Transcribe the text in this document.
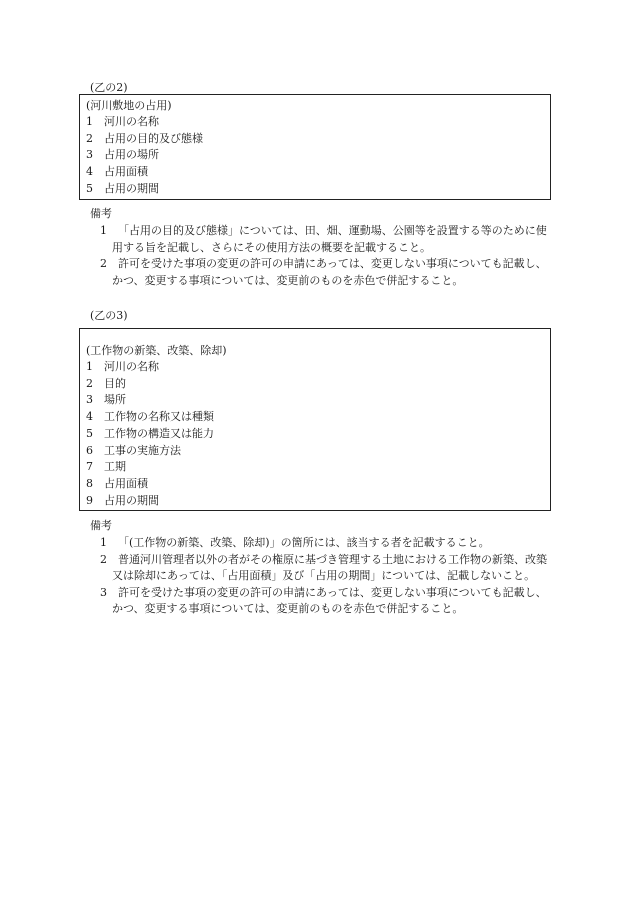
(乙の2)
(河川敷地の占用)
1 河川の名称
2 占用の目的及び態様
3 占用の場所
4 占用面積
5 占用の期間
備考
1	「占用の目的及び態様」については、田、畑、運動場、公園等を設置する等のために使用する旨を記載し、さらにその使用方法の概要を記載すること。
2	許可を受けた事項の変更の許可の申請にあっては、変更しない事項についても記載し、かつ、変更する事項については、変更前のものを赤色で併記すること。
(乙の3)
(工作物の新築、改築、除却)
1 河川の名称
2 目的
3 場所
4 工作物の名称又は種類
5 工作物の構造又は能力
6 工事の実施方法
7 工期
8 占用面積
9 占用の期間
備考
1	「(工作物の新築、改築、除却)」の箇所には、該当する者を記載すること。
2	普通河川管理者以外の者がその権原に基づき管理する土地における工作物の新築、改築又は除却にあっては、「占用面積」及び「占用の期間」については、記載しないこと。
3	許可を受けた事項の変更の許可の申請にあっては、変更しない事項についても記載し、かつ、変更する事項については、変更前のものを赤色で併記すること。
